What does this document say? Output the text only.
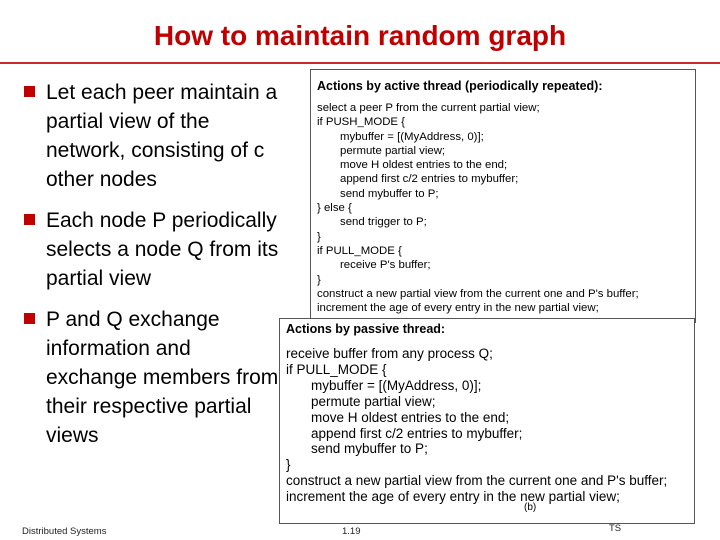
How to maintain random graph
Let each peer maintain a partial view of the network, consisting of c other nodes
Each node P periodically selects a node Q from its partial view
P and Q exchange information and exchange members from their respective partial views
Actions by active thread (periodically repeated):
select a peer P from the current partial view;
if PUSH_MODE {
mybuffer = [(MyAddress, 0)];
permute partial view;
move H oldest entries to the end;
append first c/2 entries to mybuffer;
send mybuffer to P;
} else {
send trigger to P;
}
if PULL_MODE {
receive P's buffer;
}
construct a new partial view from the current one and P's buffer;
increment the age of every entry in the new partial view;
Actions by passive thread:
receive buffer from any process Q;
if PULL_MODE {
mybuffer = [(MyAddress, 0)];
permute partial view;
move H oldest entries to the end;
append first c/2 entries to mybuffer;
send mybuffer to P;
}
construct a new partial view from the current one and P's buffer;
increment the age of every entry in the new partial view;
(b)
Distributed Systems	1.19	TS
